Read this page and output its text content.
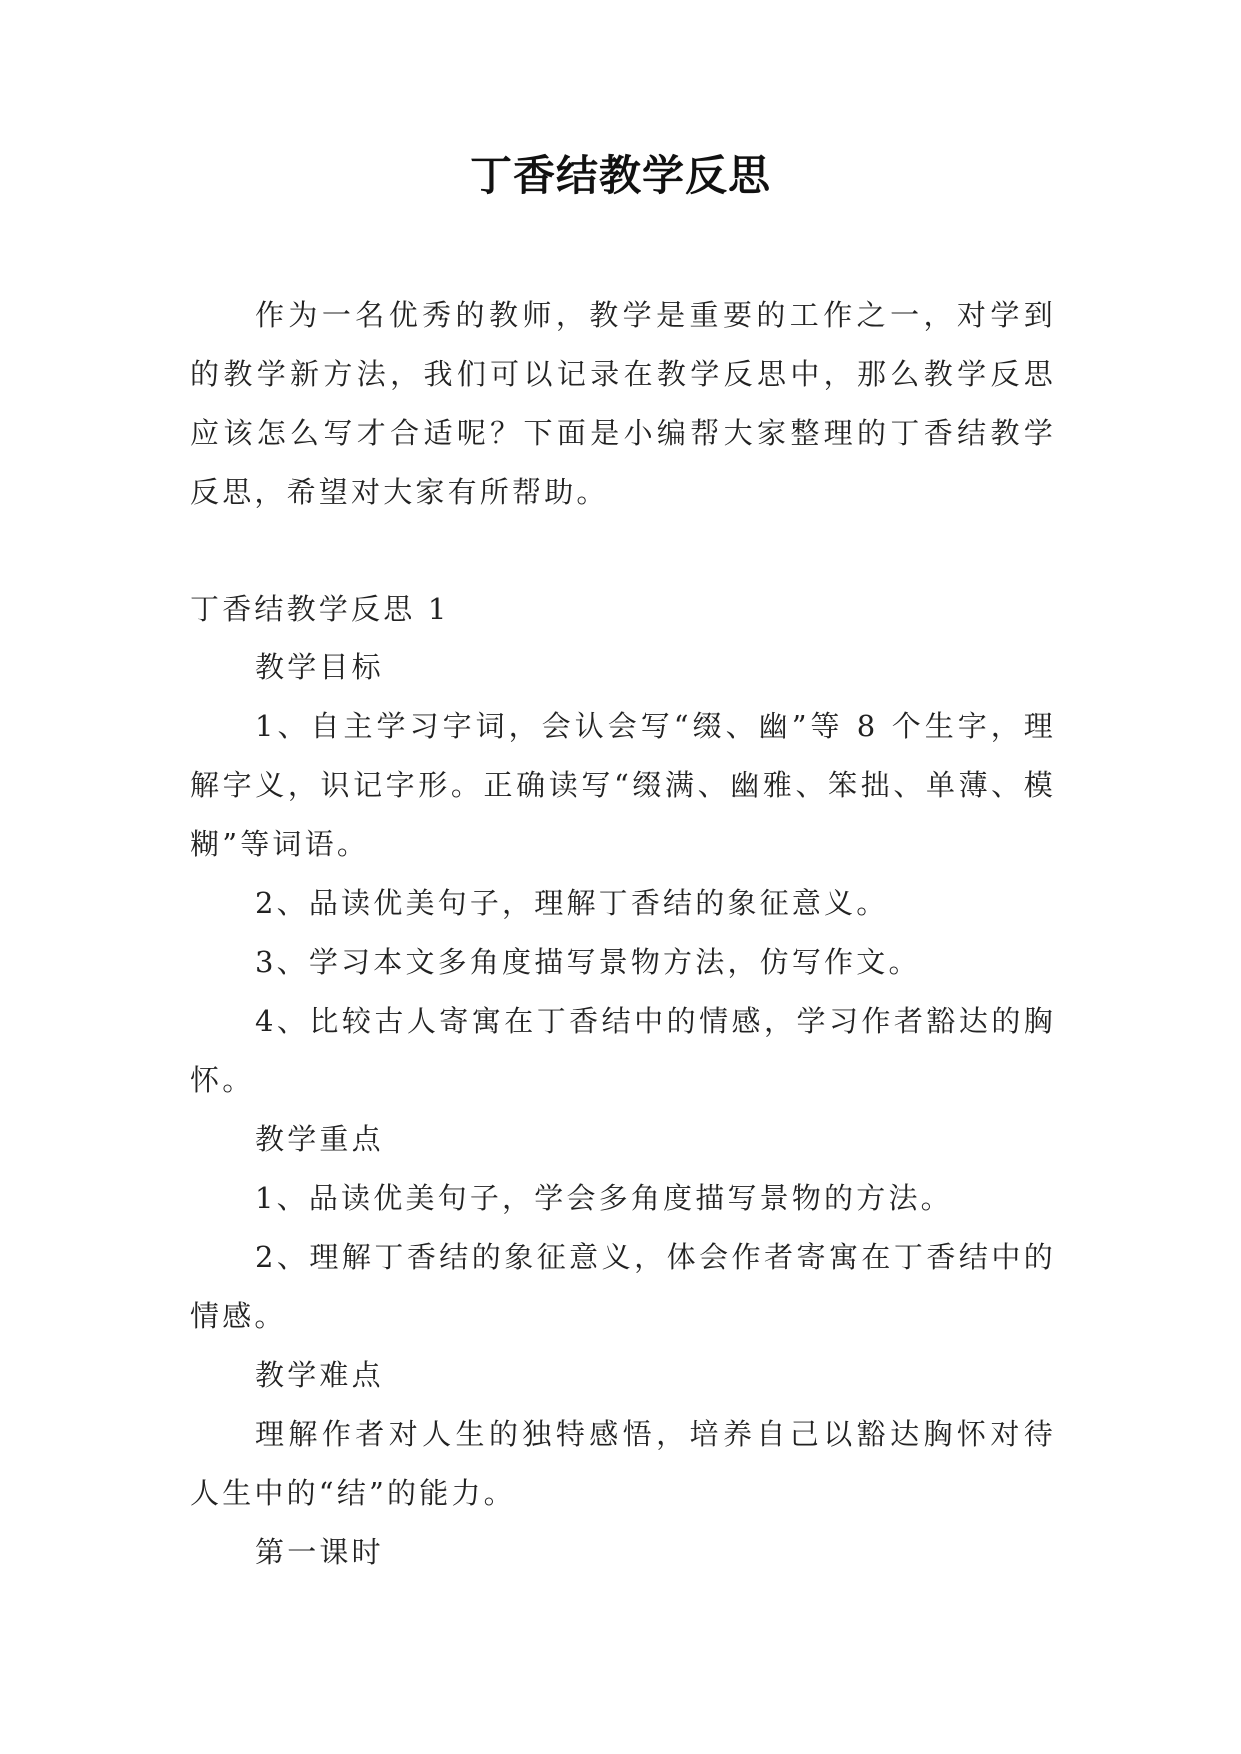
丁香结教学反思

作为一名优秀的教师，教学是重要的工作之一，对学到的教学新方法，我们可以记录在教学反思中，那么教学反思应该怎么写才合适呢？下面是小编帮大家整理的丁香结教学反思，希望对大家有所帮助。

丁香结教学反思 1

教学目标

1、自主学习字词，会认会写“缀、幽”等 8 个生字，理解字义，识记字形。正确读写“缀满、幽雅、笨拙、单薄、模糊”等词语。

2、品读优美句子，理解丁香结的象征意义。

3、学习本文多角度描写景物方法，仿写作文。

4、比较古人寄寓在丁香结中的情感，学习作者豁达的胸怀。

教学重点

1、品读优美句子，学会多角度描写景物的方法。

2、理解丁香结的象征意义，体会作者寄寓在丁香结中的情感。

教学难点

理解作者对人生的独特感悟，培养自己以豁达胸怀对待人生中的“结”的能力。

第一课时
